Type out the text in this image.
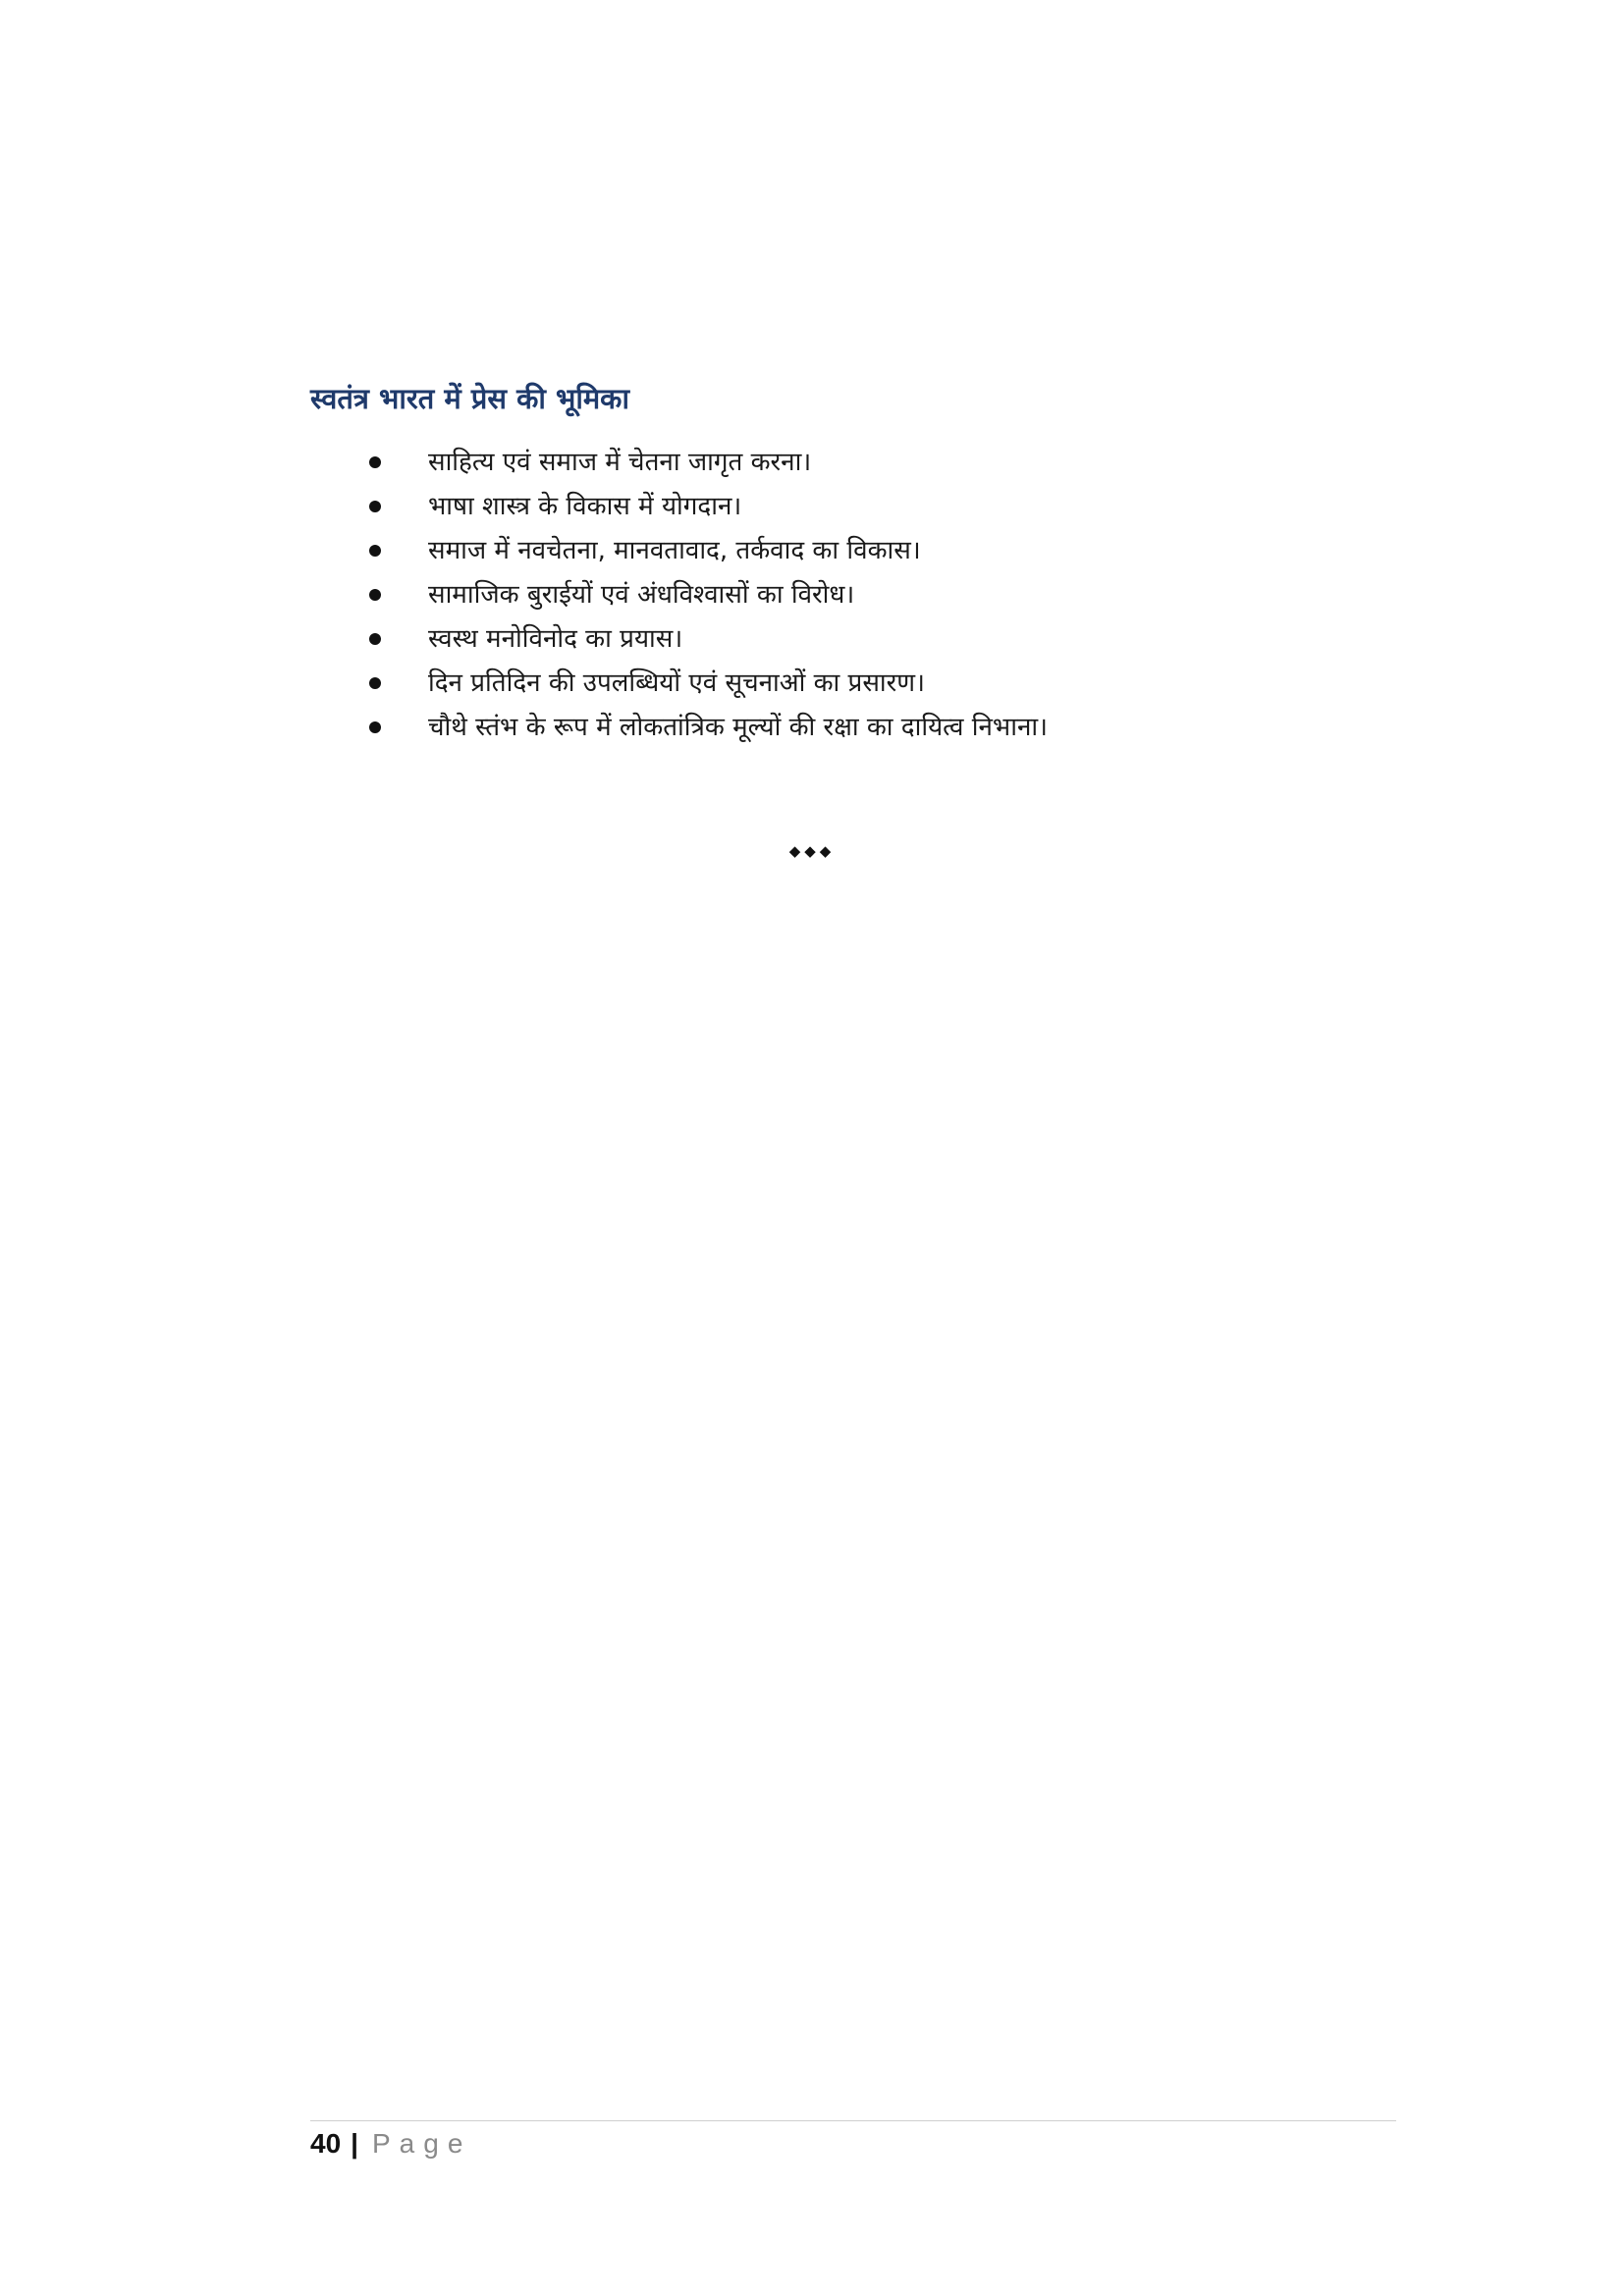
स्वतंत्र भारत में प्रेस की भूमिका
साहित्य एवं समाज में चेतना जागृत करना।
भाषा शास्त्र के विकास में योगदान।
समाज में नवचेतना, मानवतावाद, तर्कवाद का विकास।
सामाजिक बुराईयों एवं अंधविश्वासों का विरोध।
स्वस्थ मनोविनोद का प्रयास।
दिन प्रतिदिन की उपलब्धियों एवं सूचनाओं का प्रसारण।
चौथे स्तंभ के रूप में लोकतांत्रिक मूल्यों की रक्षा का दायित्व निभाना।
◆◆◆
40 | Page
